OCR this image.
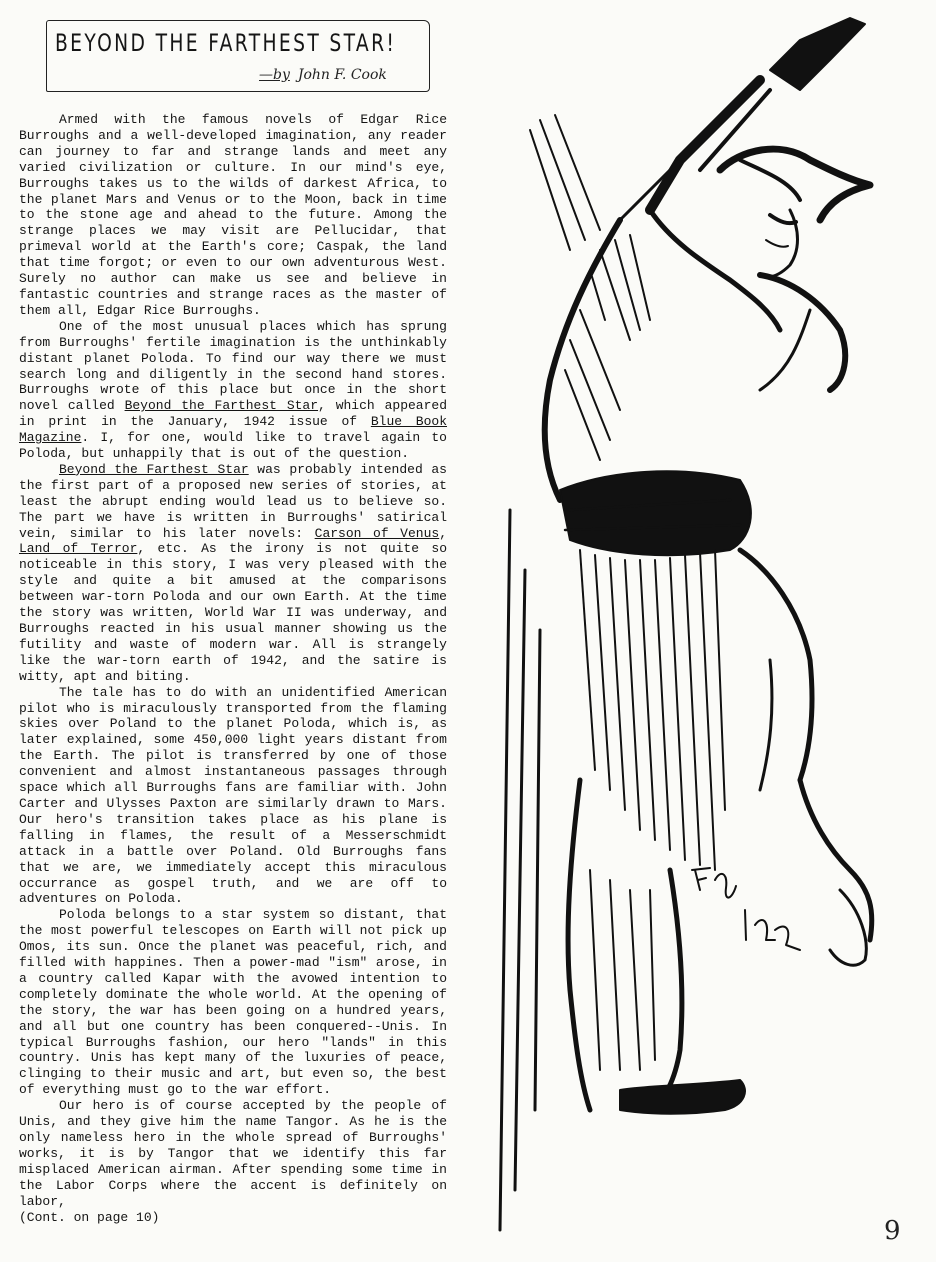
BEYOND THE FARTHEST STAR!
—by John F. Cook

Armed with the famous novels of Edgar Rice Burroughs and a well-developed imagination, any reader can journey to far and strange lands and meet any varied civilization or culture. In our mind's eye, Burroughs takes us to the wilds of darkest Africa, to the planet Mars and Venus or to the Moon, back in time to the stone age and ahead to the future. Among the strange places we may visit are Pellucidar, that primeval world at the Earth's core; Caspak, the land that time forgot; or even to our own adventurous West. Surely no author can make us see and believe in fantastic countries and strange races as the master of them all, Edgar Rice Burroughs.

One of the most unusual places which has sprung from Burroughs' fertile imagination is the unthinkably distant planet Poloda. To find our way there we must search long and diligently in the second hand stores. Burroughs wrote of this place but once in the short novel called Beyond the Farthest Star, which appeared in print in the January, 1942 issue of Blue Book Magazine. I, for one, would like to travel again to Poloda, but unhappily that is out of the question.

Beyond the Farthest Star was probably intended as the first part of a proposed new series of stories, at least the abrupt ending would lead us to believe so. The part we have is written in Burroughs' satirical vein, similar to his later novels: Carson of Venus, Land of Terror, etc. As the irony is not quite so noticeable in this story, I was very pleased with the style and quite a bit amused at the comparisons between war-torn Poloda and our own Earth. At the time the story was written, World War II was underway, and Burroughs reacted in his usual manner showing us the futility and waste of modern war. All is strangely like the war-torn earth of 1942, and the satire is witty, apt and biting.

The tale has to do with an unidentified American pilot who is miraculously transported from the flaming skies over Poland to the planet Poloda, which is, as later explained, some 450,000 light years distant from the Earth. The pilot is transferred by one of those convenient and almost instantaneous passages through space which all Burroughs fans are familiar with. John Carter and Ulysses Paxton are similarly drawn to Mars. Our hero's transition takes place as his plane is falling in flames, the result of a Messerschmidt attack in a battle over Poland. Old Burroughs fans that we are, we immediately accept this miraculous occurrance as gospel truth, and we are off to adventures on Poloda.

Poloda belongs to a star system so distant, that the most powerful telescopes on Earth will not pick up Omos, its sun. Once the planet was peaceful, rich, and filled with happines. Then a power-mad "ism" arose, in a country called Kapar with the avowed intention to completely dominate the whole world. At the opening of the story, the war has been going on a hundred years, and all but one country has been conquered--Unis. In typical Burroughs fashion, our hero "lands" in this country. Unis has kept many of the luxuries of peace, clinging to their music and art, but even so, the best of everything must go to the war effort.

Our hero is of course accepted by the people of Unis, and they give him the name Tangor. As he is the only nameless hero in the whole spread of Burroughs' works, it is by Tangor that we identify this far misplaced American airman. After spending some time in the Labor Corps where the accent is definitely on labor,

(Cont. on page 10)

Fabby
1972
9
